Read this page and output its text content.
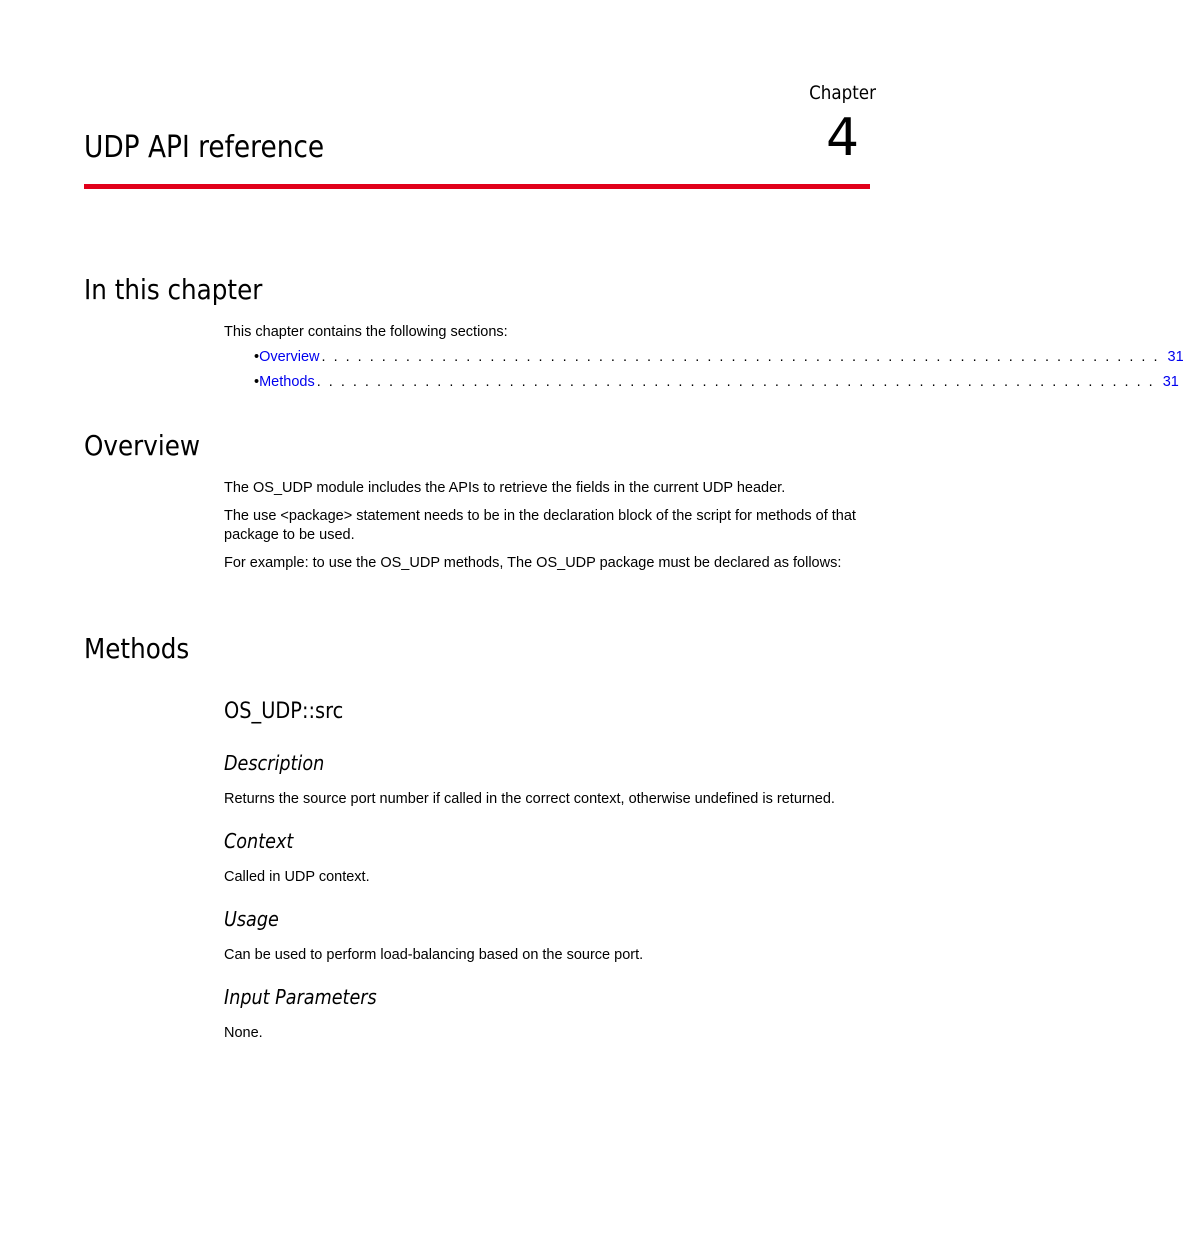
Chapter
4
UDP API reference
In this chapter

This chapter contains the following sections:

• Overview . . . . . . . . . . . . . . . . . . . . . . . . . . . . . . . . . . . . . . . . . . . . . . . . . . . . . . . . . . . . . . . . . . . . . . 31
• Methods . . . . . . . . . . . . . . . . . . . . . . . . . . . . . . . . . . . . . . . . . . . . . . . . . . . . . . . . . . . . . . . . . . . . . . 31
Overview

The OS_UDP module includes the APIs to retrieve the fields in the current UDP header.

The use <package> statement needs to be in the declaration block of the script for methods of that package to be used.

For example: to use the OS_UDP methods, The OS_UDP package must be declared as follows:

Methods
OS_UDP::src
Description

Returns the source port number if called in the correct context, otherwise undefined is returned.

Context

Called in UDP context.

Usage

Can be used to perform load-balancing based on the source port.

Input Parameters

None.
